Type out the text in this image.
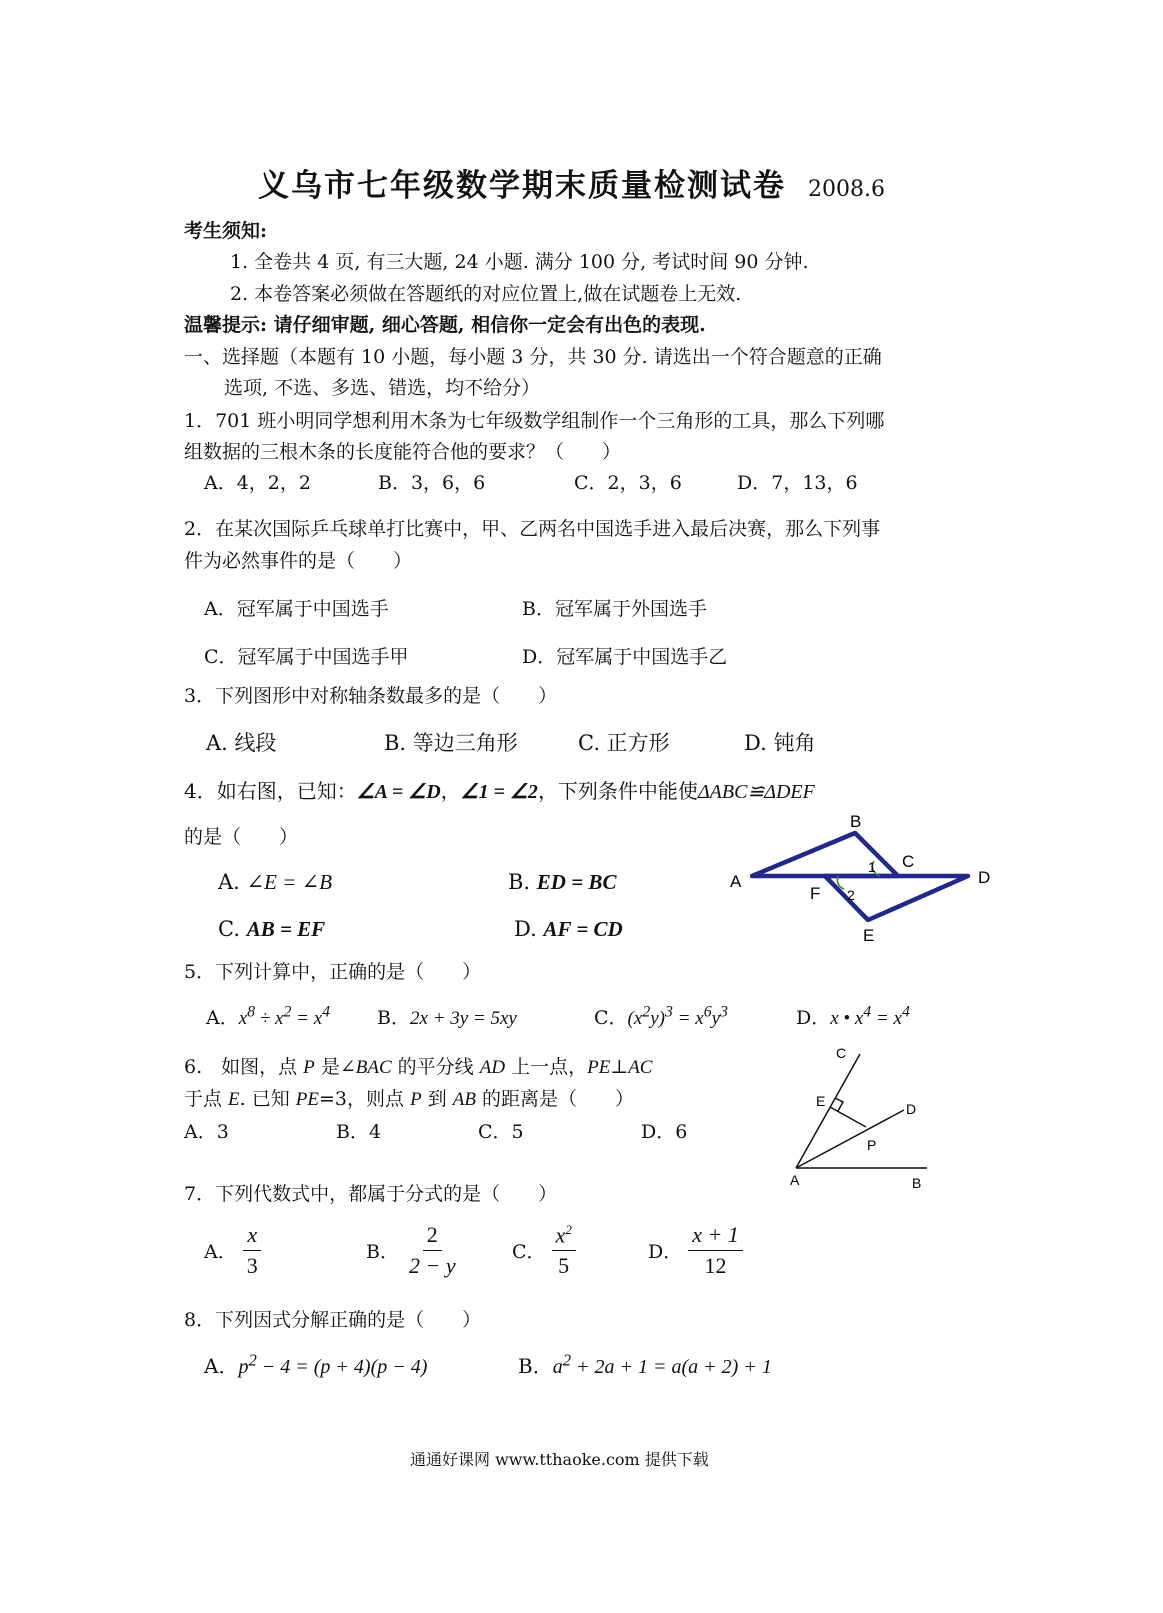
义乌市七年级数学期末质量检测试卷 2008.6
考生须知:
1. 全卷共 4 页, 有三大题, 24 小题. 满分 100 分, 考试时间 90 分钟.
2. 本卷答案必须做在答题纸的对应位置上,做在试题卷上无效.
温馨提示: 请仔细审题, 细心答题, 相信你一定会有出色的表现.
一、选择题（本题有 10 小题，每小题 3 分，共 30 分. 请选出一个符合题意的正确
选项, 不选、多选、错选，均不给分）
1．701 班小明同学想利用木条为七年级数学组制作一个三角形的工具，那么下列哪
组数据的三根木条的长度能符合他的要求？（　　）
A．4，2，2	B．3，6，6	C．2，3，6	D．7，13，6
2．在某次国际乒乓球单打比赛中，甲、乙两名中国选手进入最后决赛，那么下列事
件为必然事件的是（　　）
A．冠军属于中国选手	B．冠军属于外国选手
C．冠军属于中国选手甲	D．冠军属于中国选手乙
3．下列图形中对称轴条数最多的是（　　）
A. 线段	B. 等边三角形	C. 正方形	D. 钝角
4．如右图，已知：∠A = ∠D，∠1 = ∠2，下列条件中能使ΔABC≌ΔDEF
的是（　　）
A. ∠E = ∠B	B. ED = BC
C. AB = EF	D. AF = CD
A
B
C
D
E
F
1
2
5．下列计算中，正确的是（　　）
A．$x^8 \div x^2 = x^4$ B．2x + 3y = 5xy	C．$(x^2y)^3 = x^6y^3$	D．x • $x^4 = x^4$
6.　如图，点 P 是∠BAC 的平分线 AD 上一点，PE⊥AC
于点 E. 已知 PE=3，则点 P 到 AB 的距离是（　　）
A．3	B．4	C．5	D．6
A	B
C
D
E
P
7．下列代数式中，都属于分式的是（　　）
A． $\frac{x}{3}$	B． $\frac{2}{2 - y}$	C． $\frac{x^2}{5}$	D． $\frac{x + 1}{12}$
8．下列因式分解正确的是（　　）
A．$p^2 - 4 = (p + 4)(p - 4)$	B．$a^2 + 2a + 1 = a(a + 2) + 1$
通通好课网 www.tthaoke.com 提供下载
